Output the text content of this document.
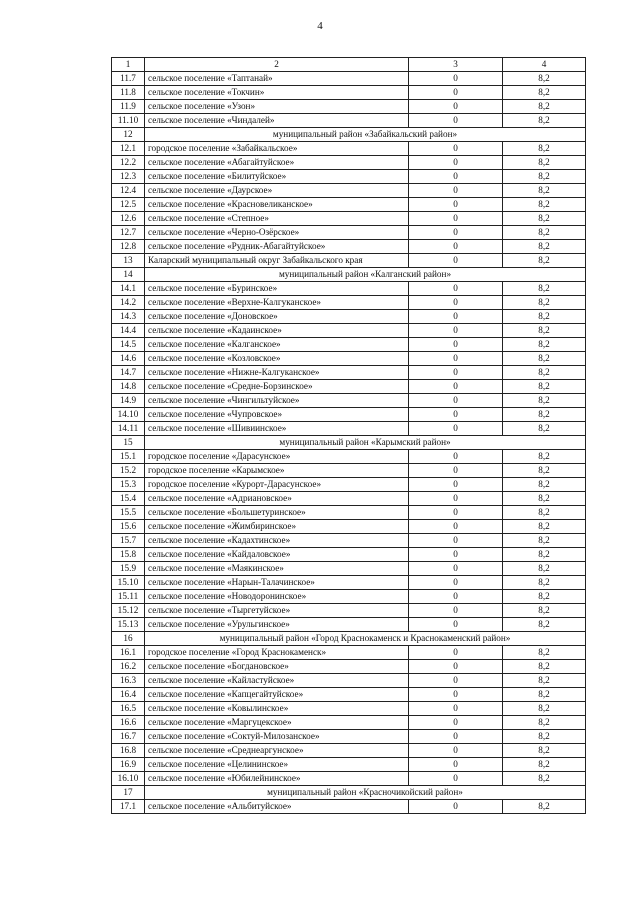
4
1	2	3	4
11.7	сельское поселение «Таптанай»	0	8,2
11.8	сельское поселение «Токчин»	0	8,2
11.9	сельское поселение «Узон»	0	8,2
11.10	сельское поселение «Чиндалей»	0	8,2
12	муниципальный район «Забайкальский район»		
12.1	городское поселение «Забайкальское»	0	8,2
12.2	сельское поселение «Абагайтуйское»	0	8,2
12.3	сельское поселение «Билитуйское»	0	8,2
12.4	сельское поселение «Даурское»	0	8,2
12.5	сельское поселение «Красновеликанское»	0	8,2
12.6	сельское поселение «Степное»	0	8,2
12.7	сельское поселение «Черно-Озёрское»	0	8,2
12.8	сельское поселение «Рудник-Абагайтуйское»	0	8,2
13	Каларский муниципальный округ Забайкальского края	0	8,2
14	муниципальный район «Калганский район»		
14.1	сельское поселение «Буринское»	0	8,2
14.2	сельское поселение «Верхне-Калгуканское»	0	8,2
14.3	сельское поселение «Доновское»	0	8,2
14.4	сельское поселение «Кадаинское»	0	8,2
14.5	сельское поселение «Калганское»	0	8,2
14.6	сельское поселение «Козловское»	0	8,2
14.7	сельское поселение «Нижне-Калгуканское»	0	8,2
14.8	сельское поселение «Средне-Борзинское»	0	8,2
14.9	сельское поселение «Чингильтуйское»	0	8,2
14.10	сельское поселение «Чупровское»	0	8,2
14.11	сельское поселение «Шивиинское»	0	8,2
15	муниципальный район «Карымский район»		
15.1	городское поселение «Дарасунское»	0	8,2
15.2	городское поселение «Карымское»	0	8,2
15.3	городское поселение «Курорт-Дарасунское»	0	8,2
15.4	сельское поселение «Адриановское»	0	8,2
15.5	сельское поселение «Большетуринское»	0	8,2
15.6	сельское поселение «Жимбиринское»	0	8,2
15.7	сельское поселение «Кадахтинское»	0	8,2
15.8	сельское поселение «Кайдаловское»	0	8,2
15.9	сельское поселение «Маякинское»	0	8,2
15.10	сельское поселение «Нарын-Талачинское»	0	8,2
15.11	сельское поселение «Новодоронинское»	0	8,2
15.12	сельское поселение «Тыргетуйское»	0	8,2
15.13	сельское поселение «Урульгинское»	0	8,2
16	муниципальный район «Город Краснокаменск и Краснокаменский район»		
16.1	городское поселение «Город Краснокаменск»	0	8,2
16.2	сельское поселение «Богдановское»	0	8,2
16.3	сельское поселение «Кайластуйское»	0	8,2
16.4	сельское поселение «Капцегайтуйское»	0	8,2
16.5	сельское поселение «Ковылинское»	0	8,2
16.6	сельское поселение «Маргуцекское»	0	8,2
16.7	сельское поселение «Соктуй-Милозанское»	0	8,2
16.8	сельское поселение «Среднеаргунское»	0	8,2
16.9	сельское поселение «Целининское»	0	8,2
16.10	сельское поселение «Юбилейнинское»	0	8,2
17	муниципальный район «Красночикойский район»		
17.1	сельское поселение «Альбитуйское»	0	8,2
